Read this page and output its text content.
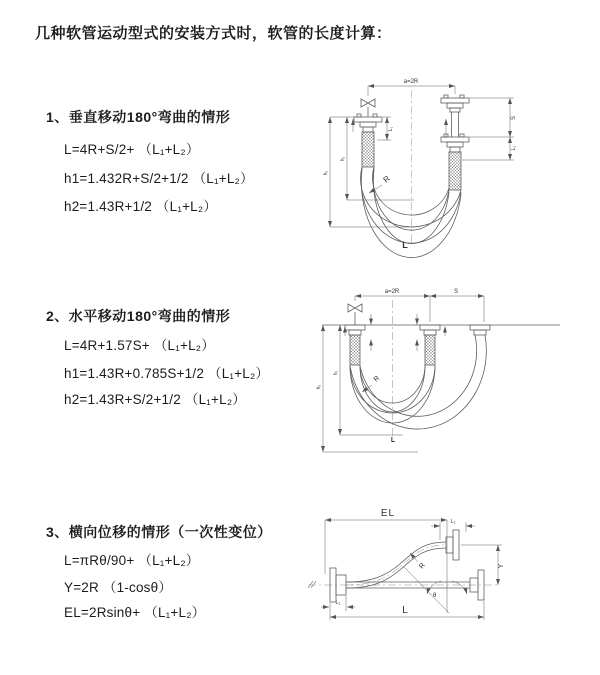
几种软管运动型式的安装方式时，软管的长度计算：
1、垂直移动180°弯曲的情形
L=4R+S/2+ （L₁+L₂）
h1=1.432R+S/2+1/2 （L₁+L₂）
h2=1.43R+1/2 （L₁+L₂）
2、水平移动180°弯曲的情形
L=4R+1.57S+ （L₁+L₂）
h1=1.43R+0.785S+1/2 （L₁+L₂）
h2=1.43R+S/2+1/2 （L₁+L₂）
3、横向位移的情形（一次性变位）
L=πRθ/90+ （L₁+L₂）
Y=2R （1-cosθ）
EL=2Rsinθ+ （L₁+L₂）
a=2R
S
L₁
L₁
h₁
h₂
R
L
a=2R	S
h₁
h₂
R
L
EL
L₁
Y
L
L₁
R
θ
